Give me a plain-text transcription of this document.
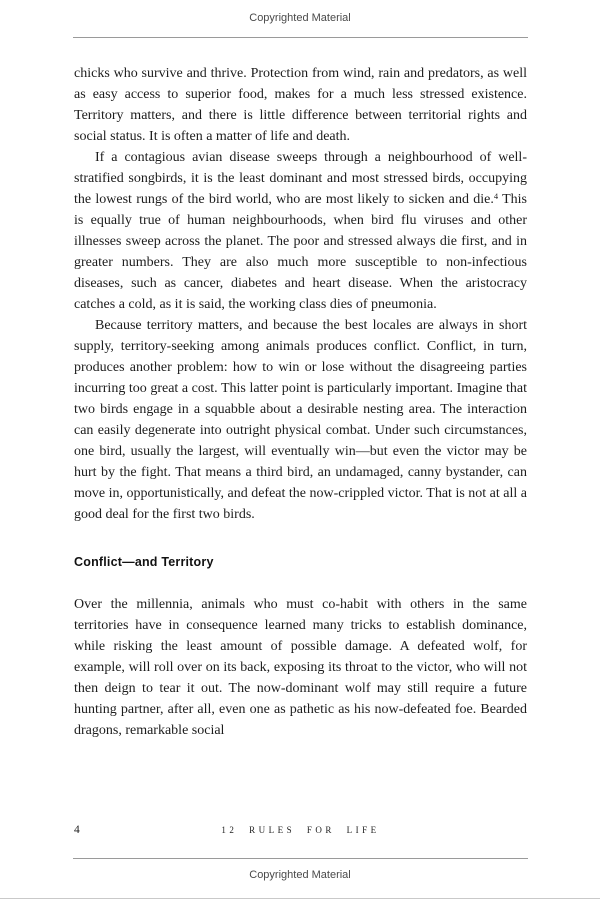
Copyrighted Material

chicks who survive and thrive. Protection from wind, rain and predators, as well as easy access to superior food, makes for a much less stressed existence. Territory matters, and there is little difference between territorial rights and social status. It is often a matter of life and death.

If a contagious avian disease sweeps through a neighbourhood of well-stratified songbirds, it is the least dominant and most stressed birds, occupying the lowest rungs of the bird world, who are most likely to sicken and die.$^4$ This is equally true of human neighbourhoods, when bird flu viruses and other illnesses sweep across the planet. The poor and stressed always die first, and in greater numbers. They are also much more susceptible to non-infectious diseases, such as cancer, diabetes and heart disease. When the aristocracy catches a cold, as it is said, the working class dies of pneumonia.

Because territory matters, and because the best locales are always in short supply, territory-seeking among animals produces conflict. Conflict, in turn, produces another problem: how to win or lose without the disagreeing parties incurring too great a cost. This latter point is particularly important. Imagine that two birds engage in a squabble about a desirable nesting area. The interaction can easily degenerate into outright physical combat. Under such circumstances, one bird, usually the largest, will eventually win—but even the victor may be hurt by the fight. That means a third bird, an undamaged, canny bystander, can move in, opportunistically, and defeat the now-crippled victor. That is not at all a good deal for the first two birds.

Conflict—and Territory

Over the millennia, animals who must co-habit with others in the same territories have in consequence learned many tricks to establish dominance, while risking the least amount of possible damage. A defeated wolf, for example, will roll over on its back, exposing its throat to the victor, who will not then deign to tear it out. The now-dominant wolf may still require a future hunting partner, after all, even one as pathetic as his now-defeated foe. Bearded dragons, remarkable social

4	12 RULES FOR LIFE
Copyrighted Material
